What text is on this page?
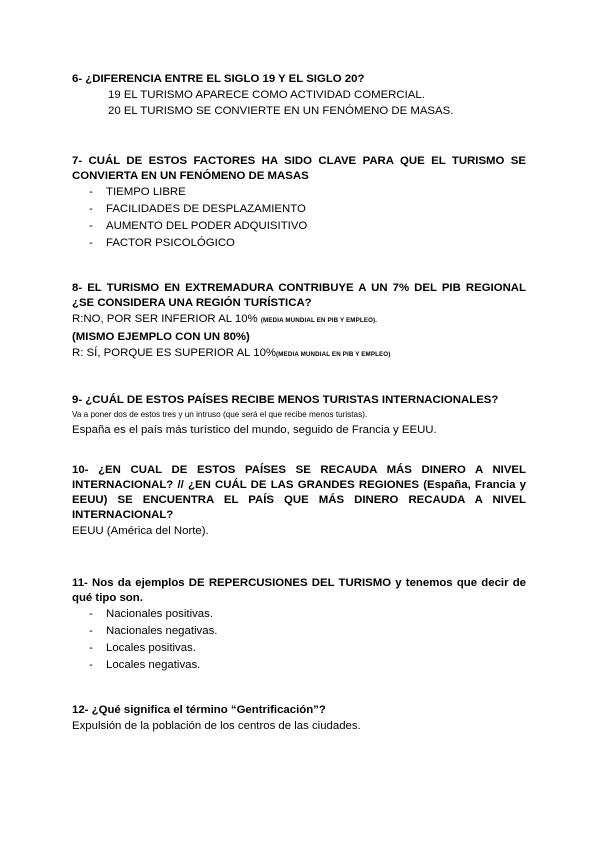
6- ¿DIFERENCIA ENTRE EL SIGLO 19 Y EL SIGLO 20?

19 EL TURISMO APARECE COMO ACTIVIDAD COMERCIAL.

20 EL TURISMO SE CONVIERTE EN UN FENÓMENO DE MASAS.

7- CUÁL DE ESTOS FACTORES HA SIDO CLAVE PARA QUE EL TURISMO SE CONVIERTA EN UN FENÓMENO DE MASAS

- TIEMPO LIBRE
- FACILIDADES DE DESPLAZAMIENTO
- AUMENTO DEL PODER ADQUISITIVO
- FACTOR PSICOLÓGICO

8- EL TURISMO EN EXTREMADURA CONTRIBUYE A UN 7% DEL PIB REGIONAL ¿SE CONSIDERA UNA REGIÓN TURÍSTICA?

R:NO, POR SER INFERIOR AL 10% (MEDIA MUNDIAL EN PIB Y EMPLEO).

(MISMO EJEMPLO CON UN 80%)

R: SÍ, PORQUE ES SUPERIOR AL 10%(MEDIA MUNDIAL EN PIB Y EMPLEO)

9- ¿CUÁL DE ESTOS PAÍSES RECIBE MENOS TURISTAS INTERNACIONALES?

Va a poner dos de estos tres y un intruso (que será el que recibe menos turistas).

España es el país más turístico del mundo, seguido de Francia y EEUU.

10- ¿EN CUAL DE ESTOS PAÍSES SE RECAUDA MÁS DINERO A NIVEL INTERNACIONAL? // ¿EN CUÁL DE LAS GRANDES REGIONES (España, Francia y EEUU) SE ENCUENTRA EL PAÍS QUE MÁS DINERO RECAUDA A NIVEL INTERNACIONAL?

EEUU (América del Norte).

11- Nos da ejemplos DE REPERCUSIONES DEL TURISMO y tenemos que decir de qué tipo son.

- Nacionales positivas.
- Nacionales negativas.
- Locales positivas.
- Locales negativas.

12- ¿Qué significa el término “Gentrificación”?

Expulsión de la población de los centros de las ciudades.
